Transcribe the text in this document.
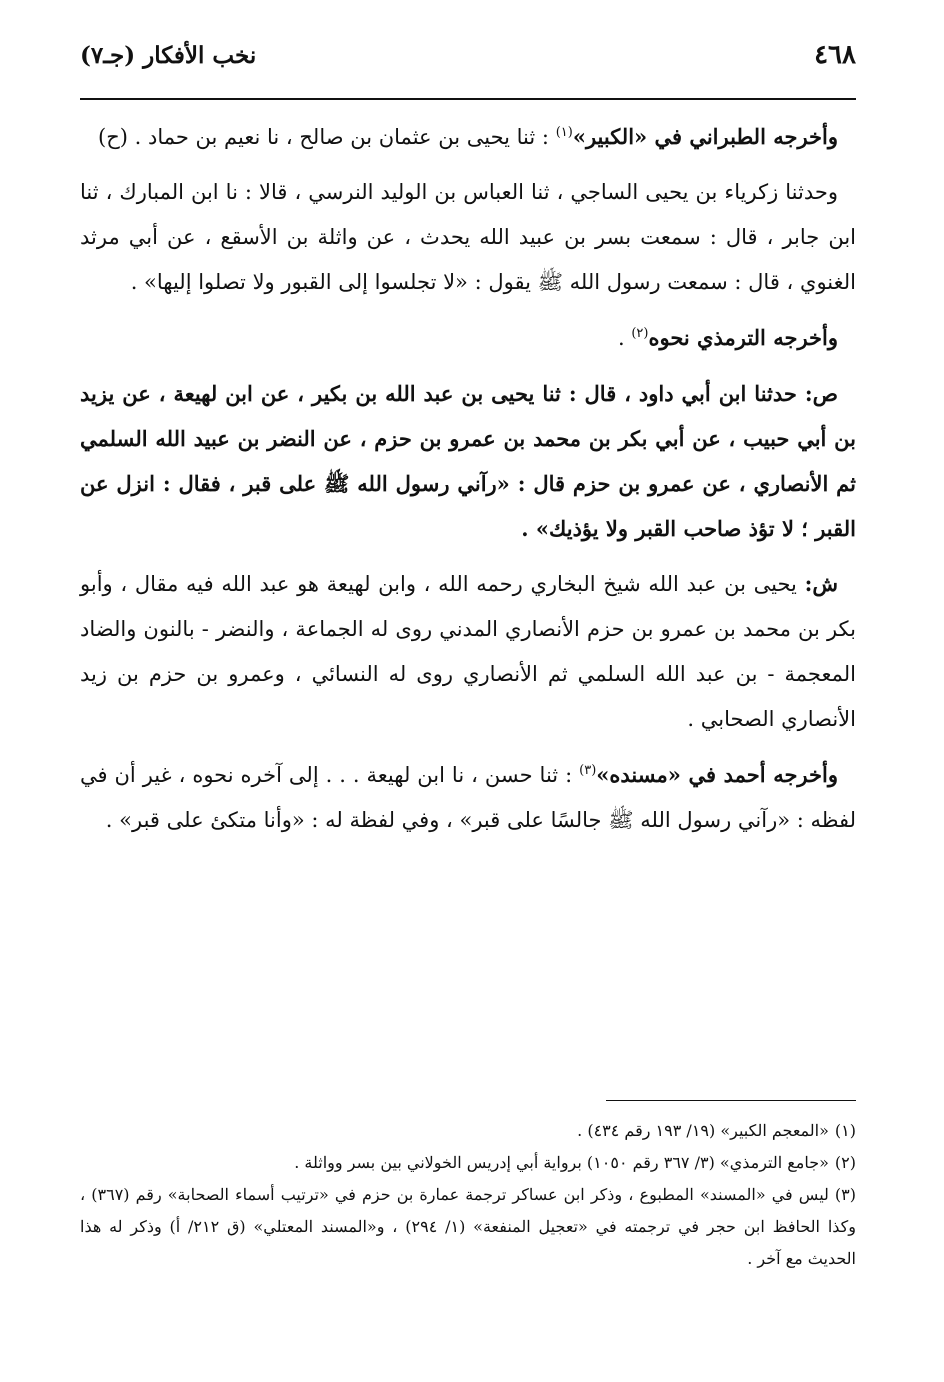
٤٦٨
نخب الأفكار (جـ٧)

وأخرجه الطبراني في «الكبير»$^{(١)}$ : ثنا يحيى بن عثمان بن صالح ، نا نعيم بن حماد . (ح)

وحدثنا زكرياء بن يحيى الساجي ، ثنا العباس بن الوليد النرسي ، قالا : نا ابن المبارك ، ثنا ابن جابر ، قال : سمعت بسر بن عبيد الله يحدث ، عن واثلة بن الأسقع ، عن أبي مرثد الغنوي ، قال : سمعت رسول الله ﷺ يقول : «لا تجلسوا إلى القبور ولا تصلوا إليها» .

وأخرجه الترمذي نحوه$^{(٢)}$ .

ص: حدثنا ابن أبي داود ، قال : ثنا يحيى بن عبد الله بن بكير ، عن ابن لهيعة ، عن يزيد بن أبي حبيب ، عن أبي بكر بن محمد بن عمرو بن حزم ، عن النضر بن عبيد الله السلمي ثم الأنصاري ، عن عمرو بن حزم قال : «رآني رسول الله ﷺ على قبر ، فقال : انزل عن القبر ؛ لا تؤذ صاحب القبر ولا يؤذيك» .

ش: يحيى بن عبد الله شيخ البخاري رحمه الله ، وابن لهيعة هو عبد الله فيه مقال ، وأبو بكر بن محمد بن عمرو بن حزم الأنصاري المدني روى له الجماعة ، والنضر - بالنون والضاد المعجمة - بن عبد الله السلمي ثم الأنصاري روى له النسائي ، وعمرو بن حزم بن زيد الأنصاري الصحابي .

وأخرجه أحمد في «مسنده»$^{(٣)}$ : ثنا حسن ، نا ابن لهيعة . . . إلى آخره نحوه ، غير أن في لفظه : «رآني رسول الله ﷺ جالسًا على قبر» ، وفي لفظة له : «وأنا متكئ على قبر» .

(١)«المعجم الكبير» (١٩/ ١٩٣ رقم ٤٣٤) .

(٢)«جامع الترمذي» (٣/ ٣٦٧ رقم ١٠٥٠) برواية أبي إدريس الخولاني بين بسر وواثلة .

(٣)ليس في «المسند» المطبوع ، وذكر ابن عساكر ترجمة عمارة بن حزم في «ترتيب أسماء الصحابة» رقم (٣٦٧) ، وكذا الحافظ ابن حجر في ترجمته في «تعجيل المنفعة» (١/ ٢٩٤) ، و«المسند المعتلي» (ق ٢١٢/ أ) وذكر له هذا الحديث مع آخر .
